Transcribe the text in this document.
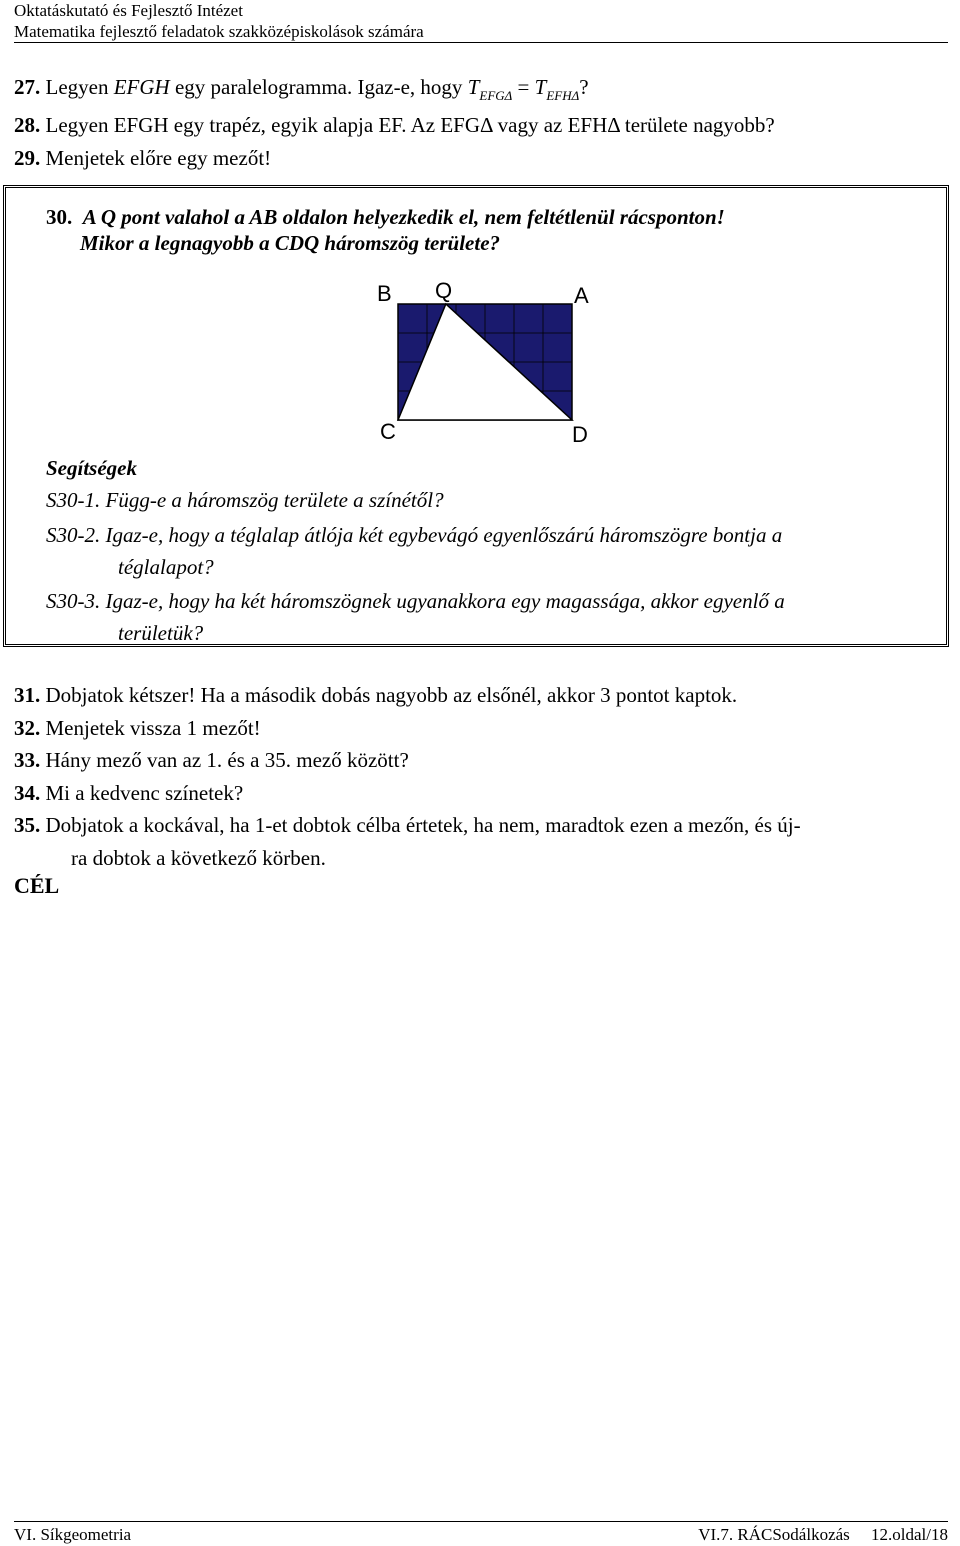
Oktatáskutató és Fejlesztő Intézet
Matematika fejlesztő feladatok szakközépiskolások számára
27. Legyen EFGH egy paralelogramma. Igaz-e, hogy $T_{EFG\Delta} = T_{EFH\Delta}$?
28. Legyen EFGH egy trapéz, egyik alapja EF. Az EFGΔ vagy az EFHΔ területe nagyobb?
29. Menjetek előre egy mezőt!
30. A Q pont valahol a AB oldalon helyezkedik el, nem feltétlenül rácsponton!
Mikor a legnagyobb a CDQ háromszög területe?
B Q	A
C	D
Segítségek
S30-1. Függ-e a háromszög területe a színétől?
S30-2. Igaz-e, hogy a téglalap átlója két egybevágó egyenlőszárú háromszögre bontja a
téglalapot?
S30-3. Igaz-e, hogy ha két háromszögnek ugyanakkora egy magassága, akkor egyenlő a
területük?
31. Dobjatok kétszer! Ha a második dobás nagyobb az elsőnél, akkor 3 pontot kaptok.
32. Menjetek vissza 1 mezőt!
33. Hány mező van az 1. és a 35. mező között?
34. Mi a kedvenc színetek?
35. Dobjatok a kockával, ha 1-et dobtok célba értetek, ha nem, maradtok ezen a mezőn, és új-
ra dobtok a következő körben.
CÉL
VI. Síkgeometria	VI.7. RÁCSodálkozás     12.oldal/18
